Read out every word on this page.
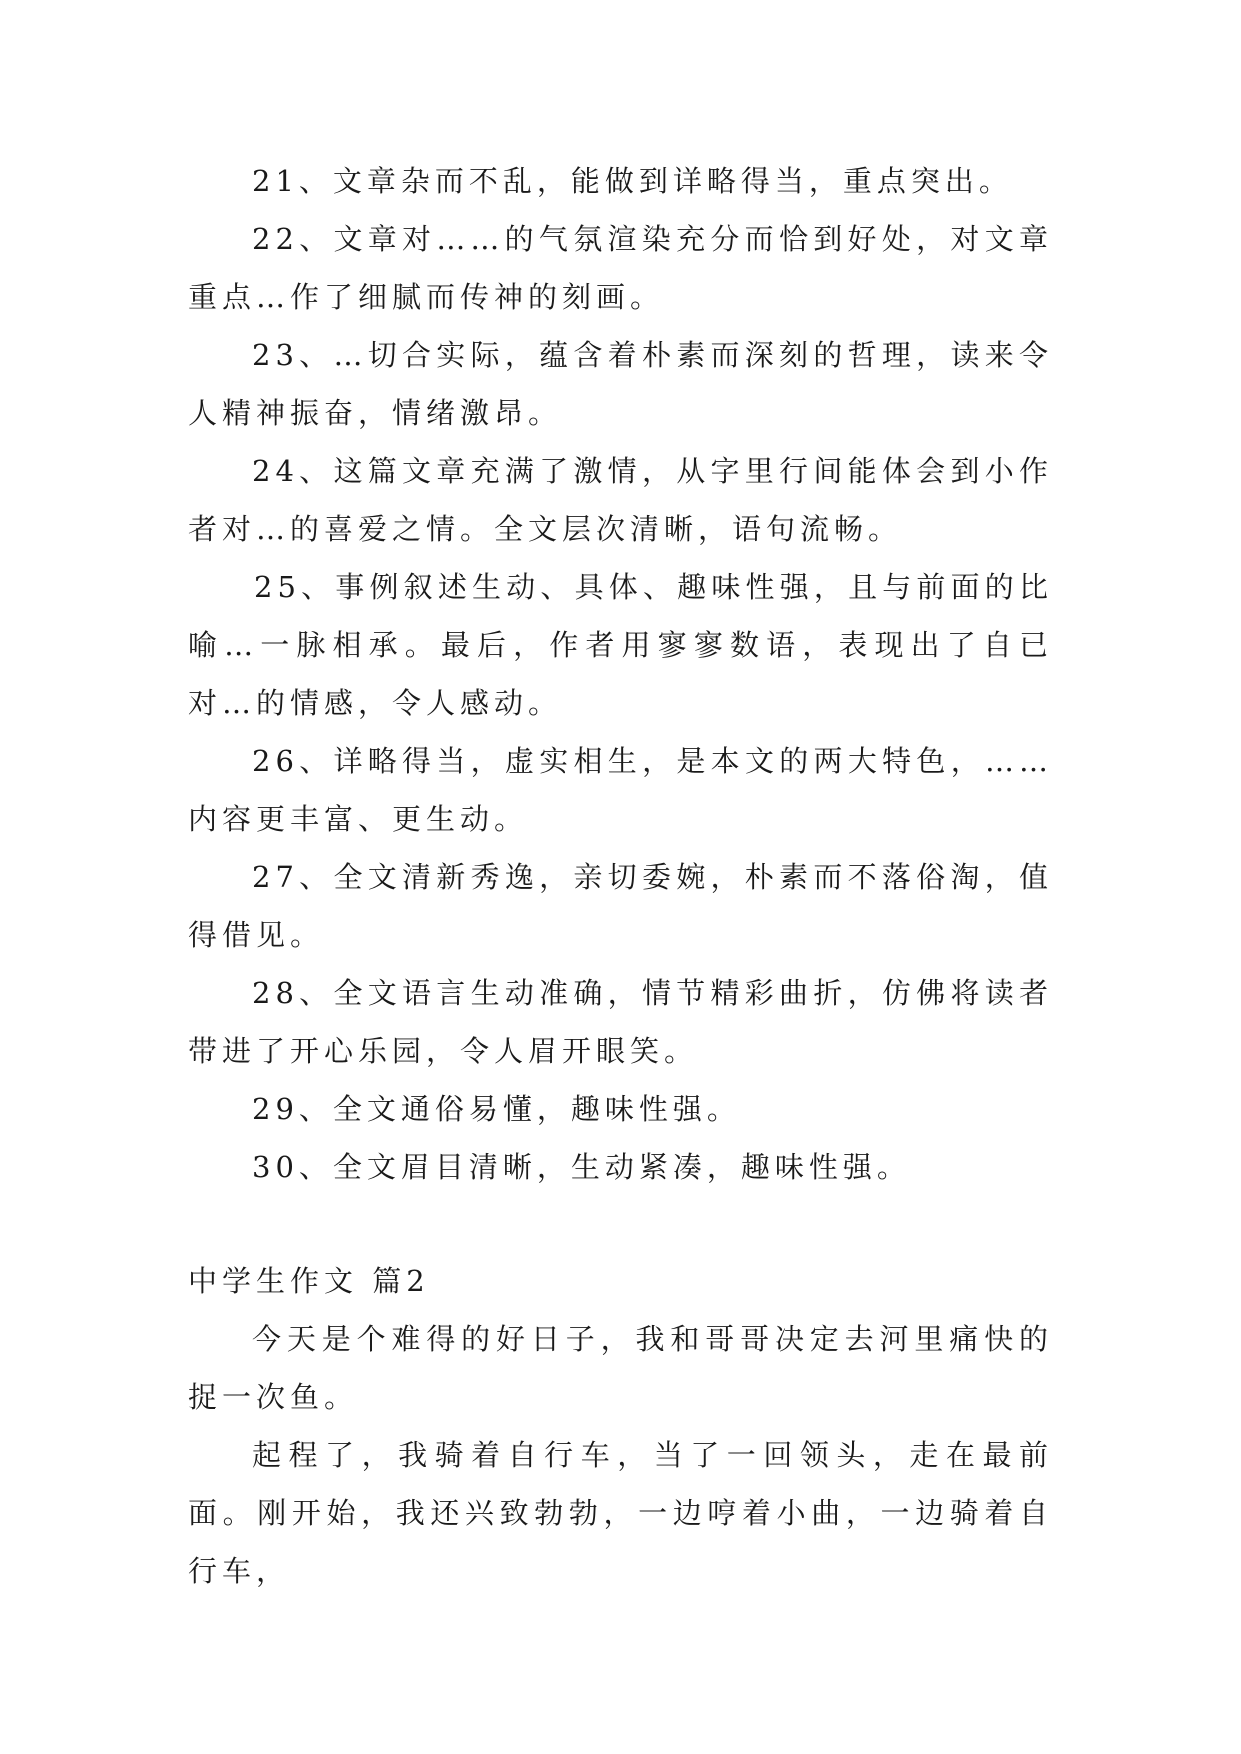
21、文章杂而不乱，能做到详略得当，重点突出。

22、文章对……的气氛渲染充分而恰到好处，对文章重点…作了细腻而传神的刻画。

23、…切合实际，蕴含着朴素而深刻的哲理，读来令人精神振奋，情绪激昂。

24、这篇文章充满了激情，从字里行间能体会到小作者对…的喜爱之情。全文层次清晰，语句流畅。

25、事例叙述生动、具体、趣味性强，且与前面的比喻…一脉相承。最后，作者用寥寥数语，表现出了自已对…的情感，令人感动。

26、详略得当，虚实相生，是本文的两大特色，……内容更丰富、更生动。

27、全文清新秀逸，亲切委婉，朴素而不落俗淘，值得借见。

28、全文语言生动准确，情节精彩曲折，仿佛将读者带进了开心乐园，令人眉开眼笑。

29、全文通俗易懂，趣味性强。

30、全文眉目清晰，生动紧凑，趣味性强。

中学生作文 篇2

今天是个难得的好日子，我和哥哥决定去河里痛快的捉一次鱼。

起程了，我骑着自行车，当了一回领头，走在最前面。刚开始，我还兴致勃勃，一边哼着小曲，一边骑着自行车，
